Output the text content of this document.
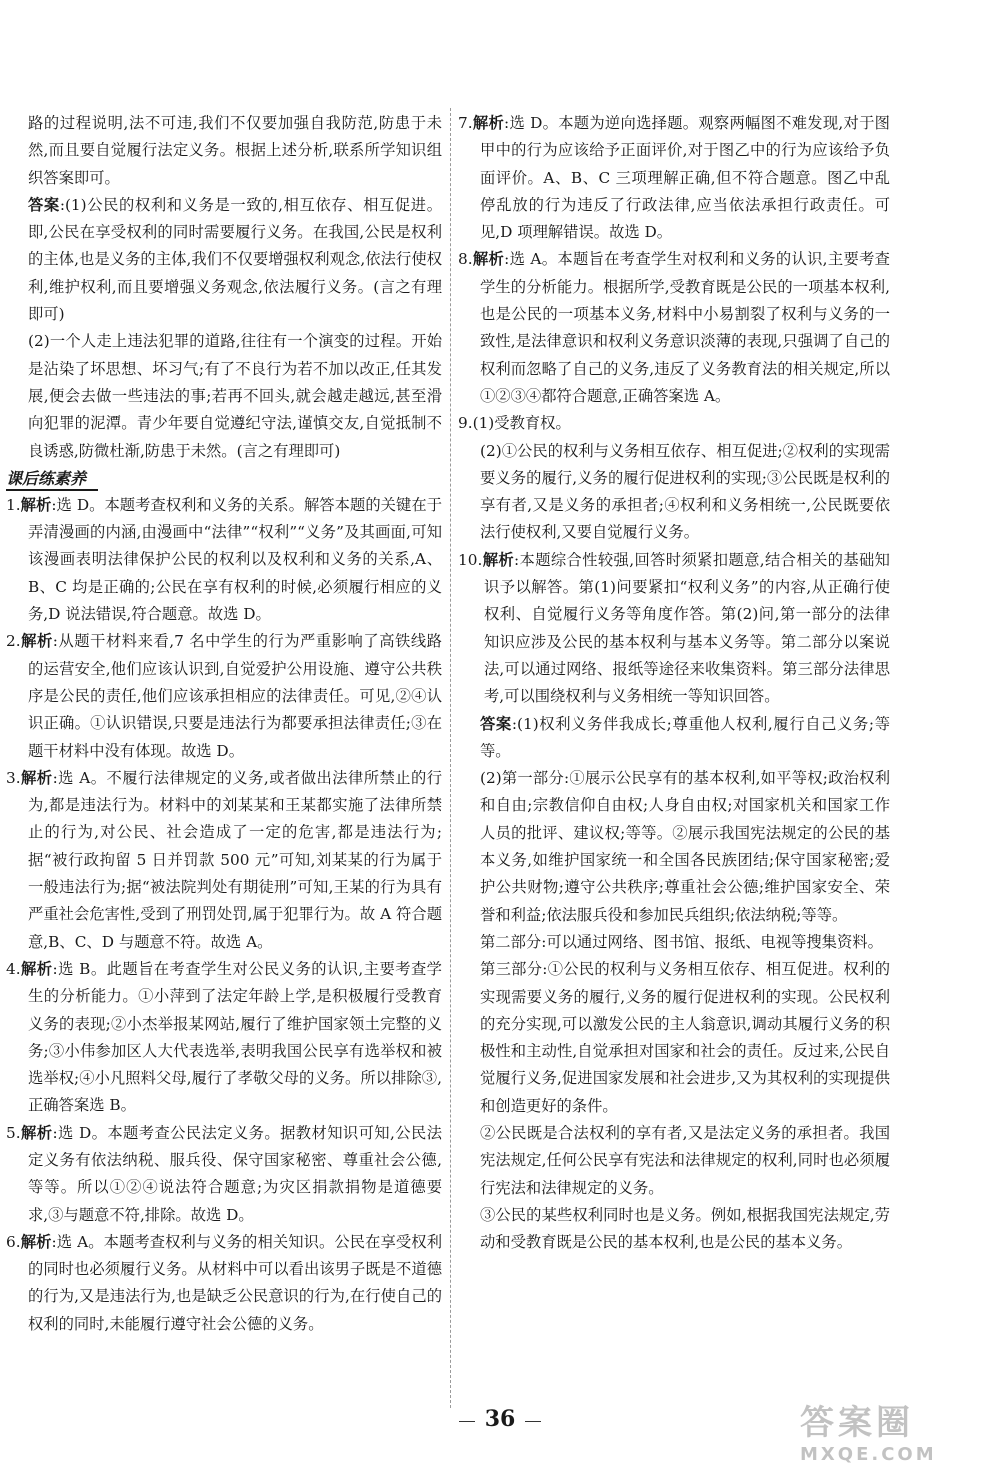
路的过程说明,法不可违,我们不仅要加强自我防范,防患于未然,而且要自觉履行法定义务。根据上述分析,联系所学知识组织答案即可。

答案:(1)公民的权利和义务是一致的,相互依存、相互促进。即,公民在享受权利的同时需要履行义务。在我国,公民是权利的主体,也是义务的主体,我们不仅要增强权利观念,依法行使权利,维护权利,而且要增强义务观念,依法履行义务。(言之有理即可)

(2)一个人走上违法犯罪的道路,往往有一个演变的过程。开始是沾染了坏思想、坏习气;有了不良行为若不加以改正,任其发展,便会去做一些违法的事;若再不回头,就会越走越远,甚至滑向犯罪的泥潭。青少年要自觉遵纪守法,谨慎交友,自觉抵制不良诱惑,防微杜渐,防患于未然。(言之有理即可)

课后练素养

1.解析:选 D。本题考查权利和义务的关系。解答本题的关键在于弄清漫画的内涵,由漫画中“法律”“权利”“义务”及其画面,可知该漫画表明法律保护公民的权利以及权利和义务的关系,A、B、C 均是正确的;公民在享有权利的时候,必须履行相应的义务,D 说法错误,符合题意。故选 D。

2.解析:从题干材料来看,7 名中学生的行为严重影响了高铁线路的运营安全,他们应该认识到,自觉爱护公用设施、遵守公共秩序是公民的责任,他们应该承担相应的法律责任。可见,②④认识正确。①认识错误,只要是违法行为都要承担法律责任;③在题干材料中没有体现。故选 D。

3.解析:选 A。不履行法律规定的义务,或者做出法律所禁止的行为,都是违法行为。材料中的刘某某和王某都实施了法律所禁止的行为,对公民、社会造成了一定的危害,都是违法行为;据“被行政拘留 5 日并罚款 500 元”可知,刘某某的行为属于一般违法行为;据“被法院判处有期徒刑”可知,王某的行为具有严重社会危害性,受到了刑罚处罚,属于犯罪行为。故 A 符合题意,B、C、D 与题意不符。故选 A。

4.解析:选 B。此题旨在考查学生对公民义务的认识,主要考查学生的分析能力。①小萍到了法定年龄上学,是积极履行受教育义务的表现;②小杰举报某网站,履行了维护国家领土完整的义务;③小伟参加区人大代表选举,表明我国公民享有选举权和被选举权;④小凡照料父母,履行了孝敬父母的义务。所以排除③,正确答案选 B。

5.解析:选 D。本题考查公民法定义务。据教材知识可知,公民法定义务有依法纳税、服兵役、保守国家秘密、尊重社会公德,等等。所以①②④说法符合题意;为灾区捐款捐物是道德要求,③与题意不符,排除。故选 D。

6.解析:选 A。本题考查权利与义务的相关知识。公民在享受权利的同时也必须履行义务。从材料中可以看出该男子既是不道德的行为,又是违法行为,也是缺乏公民意识的行为,在行使自己的权利的同时,未能履行遵守社会公德的义务。

7.解析:选 D。本题为逆向选择题。观察两幅图不难发现,对于图甲中的行为应该给予正面评价,对于图乙中的行为应该给予负面评价。A、B、C 三项理解正确,但不符合题意。图乙中乱停乱放的行为违反了行政法律,应当依法承担行政责任。可见,D 项理解错误。故选 D。

8.解析:选 A。本题旨在考查学生对权利和义务的认识,主要考查学生的分析能力。根据所学,受教育既是公民的一项基本权利,也是公民的一项基本义务,材料中小易割裂了权利与义务的一致性,是法律意识和权利义务意识淡薄的表现,只强调了自己的权利而忽略了自己的义务,违反了义务教育法的相关规定,所以①②③④都符合题意,正确答案选 A。

9.(1)受教育权。

(2)①公民的权利与义务相互依存、相互促进;②权利的实现需要义务的履行,义务的履行促进权利的实现;③公民既是权利的享有者,又是义务的承担者;④权利和义务相统一,公民既要依法行使权利,又要自觉履行义务。

10.解析:本题综合性较强,回答时须紧扣题意,结合相关的基础知识予以解答。第(1)问要紧扣“权利义务”的内容,从正确行使权利、自觉履行义务等角度作答。第(2)问,第一部分的法律知识应涉及公民的基本权利与基本义务等。第二部分以案说法,可以通过网络、报纸等途径来收集资料。第三部分法律思考,可以围绕权利与义务相统一等知识回答。

答案:(1)权利义务伴我成长;尊重他人权利,履行自己义务;等等。

(2)第一部分:①展示公民享有的基本权利,如平等权;政治权利和自由;宗教信仰自由权;人身自由权;对国家机关和国家工作人员的批评、建议权;等等。②展示我国宪法规定的公民的基本义务,如维护国家统一和全国各民族团结;保守国家秘密;爱护公共财物;遵守公共秩序;尊重社会公德;维护国家安全、荣誉和利益;依法服兵役和参加民兵组织;依法纳税;等等。

第二部分:可以通过网络、图书馆、报纸、电视等搜集资料。

第三部分:①公民的权利与义务相互依存、相互促进。权利的实现需要义务的履行,义务的履行促进权利的实现。公民权利的充分实现,可以激发公民的主人翁意识,调动其履行义务的积极性和主动性,自觉承担对国家和社会的责任。反过来,公民自觉履行义务,促进国家发展和社会进步,又为其权利的实现提供和创造更好的条件。

②公民既是合法权利的享有者,又是法定义务的承担者。我国宪法规定,任何公民享有宪法和法律规定的权利,同时也必须履行宪法和法律规定的义务。

③公民的某些权利同时也是义务。例如,根据我国宪法规定,劳动和受教育既是公民的基本权利,也是公民的基本义务。

36	答案圈
MXQE.COM
